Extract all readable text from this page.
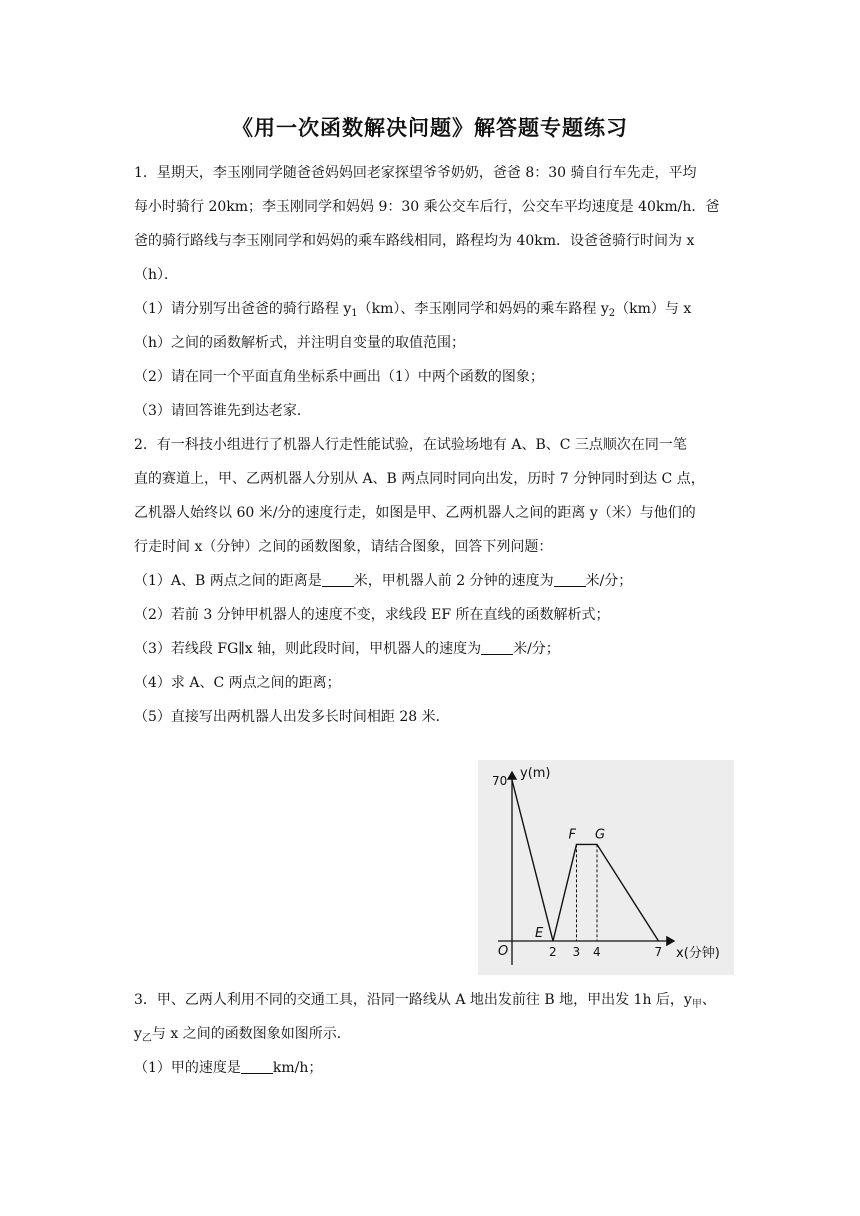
《用一次函数解决问题》解答题专题练习
1．星期天，李玉刚同学随爸爸妈妈回老家探望爷爷奶奶，爸爸 8：30 骑自行车先走，平均
每小时骑行 20km；李玉刚同学和妈妈 9：30 乘公交车后行，公交车平均速度是 40km/h．爸
爸的骑行路线与李玉刚同学和妈妈的乘车路线相同，路程均为 40km．设爸爸骑行时间为 x
（h）．
（1）请分别写出爸爸的骑行路程 $y_1(km)$、李玉刚同学和妈妈的乘车路程 $y_2(km)$与 x
（h）之间的函数解析式，并注明自变量的取值范围；
（2）请在同一个平面直角坐标系中画出（1）中两个函数的图象；
（3）请回答谁先到达老家．
2．有一科技小组进行了机器人行走性能试验，在试验场地有 A、B、C 三点顺次在同一笔
直的赛道上，甲、乙两机器人分别从 A、B 两点同时同向出发，历时 7 分钟同时到达 C 点，
乙机器人始终以 60 米/分的速度行走，如图是甲、乙两机器人之间的距离 y（米）与他们的
行走时间 x（分钟）之间的函数图象，请结合图象，回答下列问题：
（1）A、B 两点之间的距离是 米，甲机器人前 2 分钟的速度为 米/分；
（2）若前 3 分钟甲机器人的速度不变，求线段 EF 所在直线的函数解析式；
（3）若线段 FG∥x 轴，则此段时间，甲机器人的速度为 米/分；
（4）求 A、C 两点之间的距离；
（5）直接写出两机器人出发多长时间相距 28 米．
y(m)
x(分钟)
O
E
F G
2 3 4	7
70
3．甲、乙两人利用不同的交通工具，沿同一路线从 A 地出发前往 B 地，甲出发 1h 后，$y_甲$、
$y_乙$与 x 之间的函数图象如图所示．
（1）甲的速度是 km/h；
